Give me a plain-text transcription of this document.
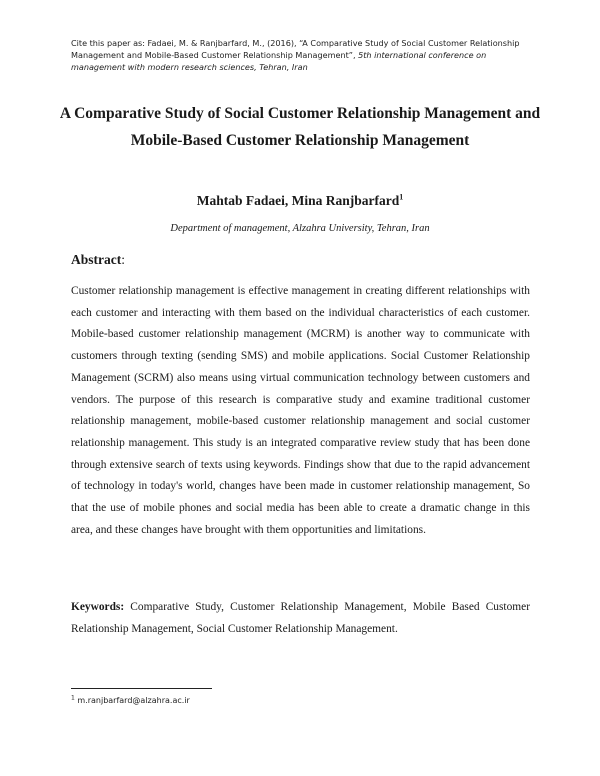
Cite this paper as: Fadaei, M. & Ranjbarfard, M., (2016), “A Comparative Study of Social Customer Relationship Management and Mobile-Based Customer Relationship Management”, 5th international conference on management with modern research sciences, Tehran, Iran
A Comparative Study of Social Customer Relationship Management and Mobile-Based Customer Relationship Management
Mahtab Fadaei, Mina Ranjbarfard$^1$
Department of management, Alzahra University, Tehran, Iran
Abstract:
Customer relationship management is effective management in creating different relationships with each customer and interacting with them based on the individual characteristics of each customer. Mobile-based customer relationship management (MCRM) is another way to communicate with customers through texting (sending SMS) and mobile applications. Social Customer Relationship Management (SCRM) also means using virtual communication technology between customers and vendors. The purpose of this research is comparative study and examine traditional customer relationship management, mobile-based customer relationship management and social customer relationship management. This study is an integrated comparative review study that has been done through extensive search of texts using keywords. Findings show that due to the rapid advancement of technology in today's world, changes have been made in customer relationship management, So that the use of mobile phones and social media has been able to create a dramatic change in this area, and these changes have brought with them opportunities and limitations.
Keywords: Comparative Study, Customer Relationship Management, Mobile Based Customer Relationship Management, Social Customer Relationship Management.
$^1$ m.ranjbarfard@alzahra.ac.ir
